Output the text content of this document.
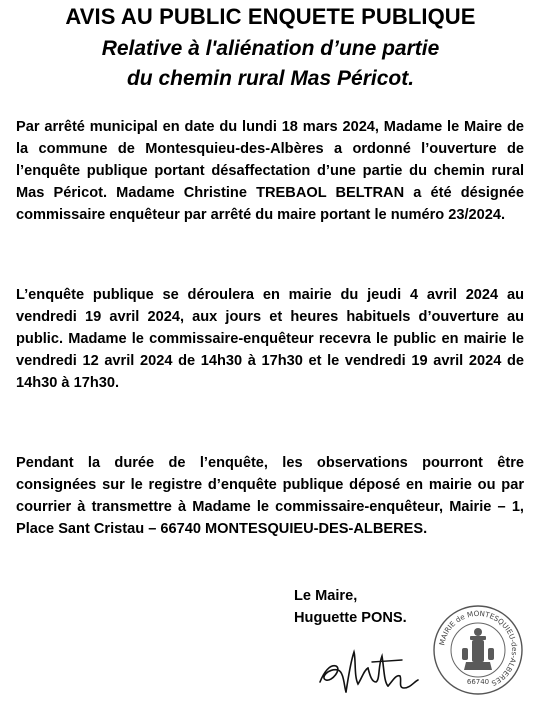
AVIS AU PUBLIC ENQUETE PUBLIQUE
Relative à l'aliénation d’une partie
du chemin rural Mas Péricot.

Par arrêté municipal en date du lundi 18 mars 2024, Madame le Maire de la commune de Montesquieu-des-Albères a ordonné l’ouverture de l’enquête publique portant désaffectation d’une partie du chemin rural Mas Péricot. Madame Christine TREBAOL BELTRAN a été désignée commissaire enquêteur par arrêté du maire portant le numéro 23/2024.

L’enquête publique se déroulera en mairie du jeudi 4 avril 2024 au vendredi 19 avril 2024, aux jours et heures habituels d’ouverture au public. Madame le commissaire-enquêteur recevra le public en mairie le vendredi 12 avril 2024 de 14h30 à 17h30 et le vendredi 19 avril 2024 de 14h30 à 17h30.

Pendant la durée de l’enquête, les observations pourront être consignées sur le registre d’enquête publique déposé en mairie ou par courrier à transmettre à Madame le commissaire-enquêteur, Mairie – 1, Place Sant Cristau – 66740 MONTESQUIEU-DES-ALBERES.

Le Maire,
Huguette PONS.
MAIRIE de MONTESQUIEU-des-ALBERES
66740
